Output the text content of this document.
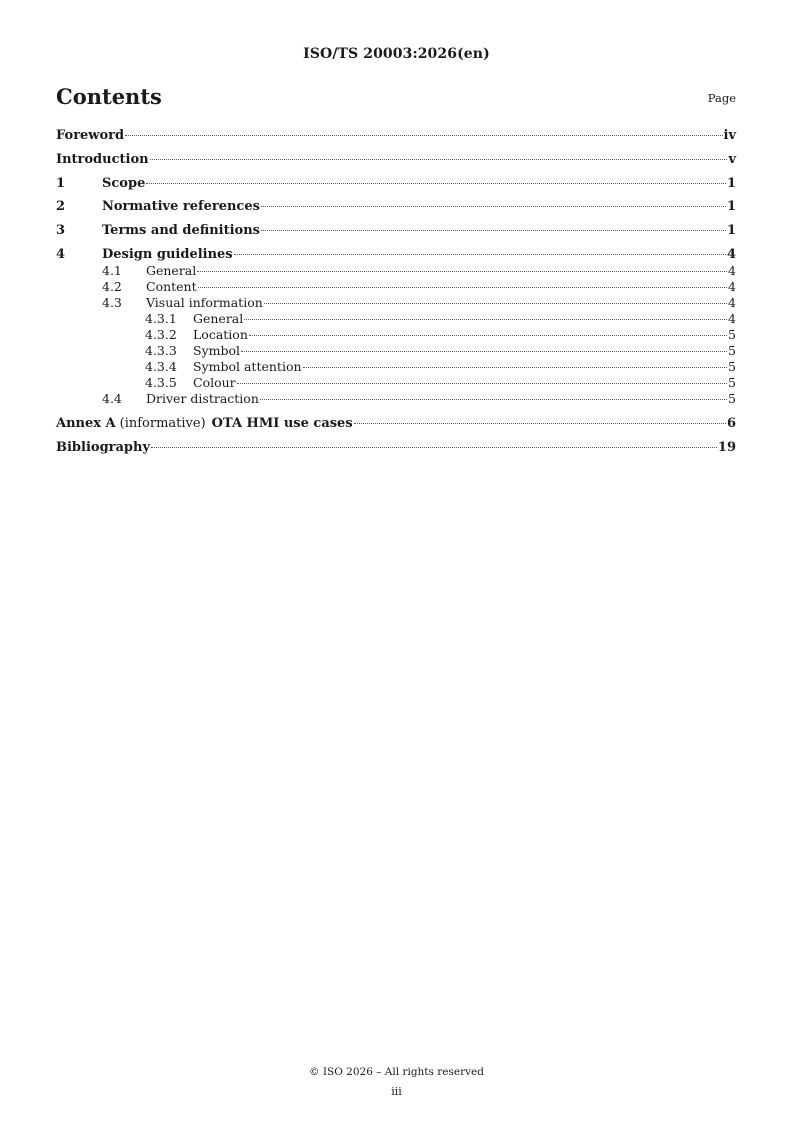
ISO/TS 20003:2026(en)
Contents	Page
Foreword	iv
Introduction	v
1	Scope	1
2	Normative references	1
3	Terms and definitions	1
4	Design guidelines	4
4.1	General	4
4.2	Content	4
4.3	Visual information	4
4.3.1	General	4
4.3.2	Location	5
4.3.3	Symbol	5
4.3.4	Symbol attention	5
4.3.5	Colour	5
4.4	Driver distraction	5
Annex A (informative) OTA HMI use cases	6
Bibliography	19
© ISO 2026 – All rights reserved
iii
